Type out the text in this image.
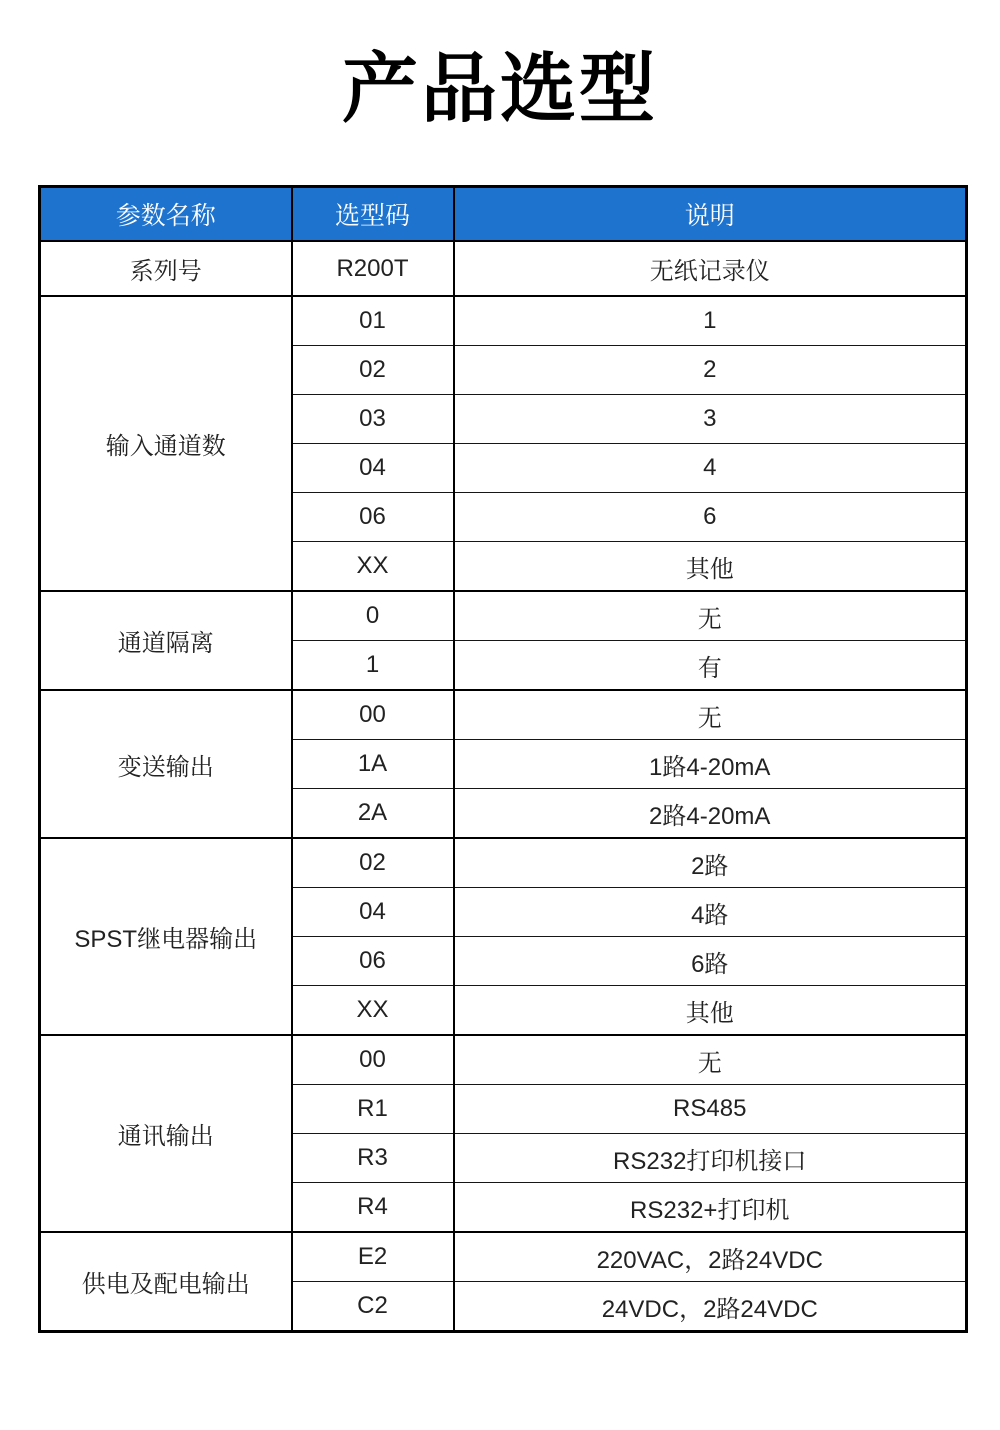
产品选型
参数名称	选型码	说明
系列号	R200T	无纸记录仪
输入通道数	01	1
	02	2
	03	3
	04	4
	06	6
	XX	其他
通道隔离	0	无
	1	有
变送输出	00	无
	1A	1路4-20mA
	2A	2路4-20mA
SPST继电器输出	02	2路
	04	4路
	06	6路
	XX	其他
通讯输出	00	无
	R1	RS485
	R3	RS232打印机接口
	R4	RS232+打印机
供电及配电输出	E2	220VAC，2路24VDC
	C2	24VDC，2路24VDC
